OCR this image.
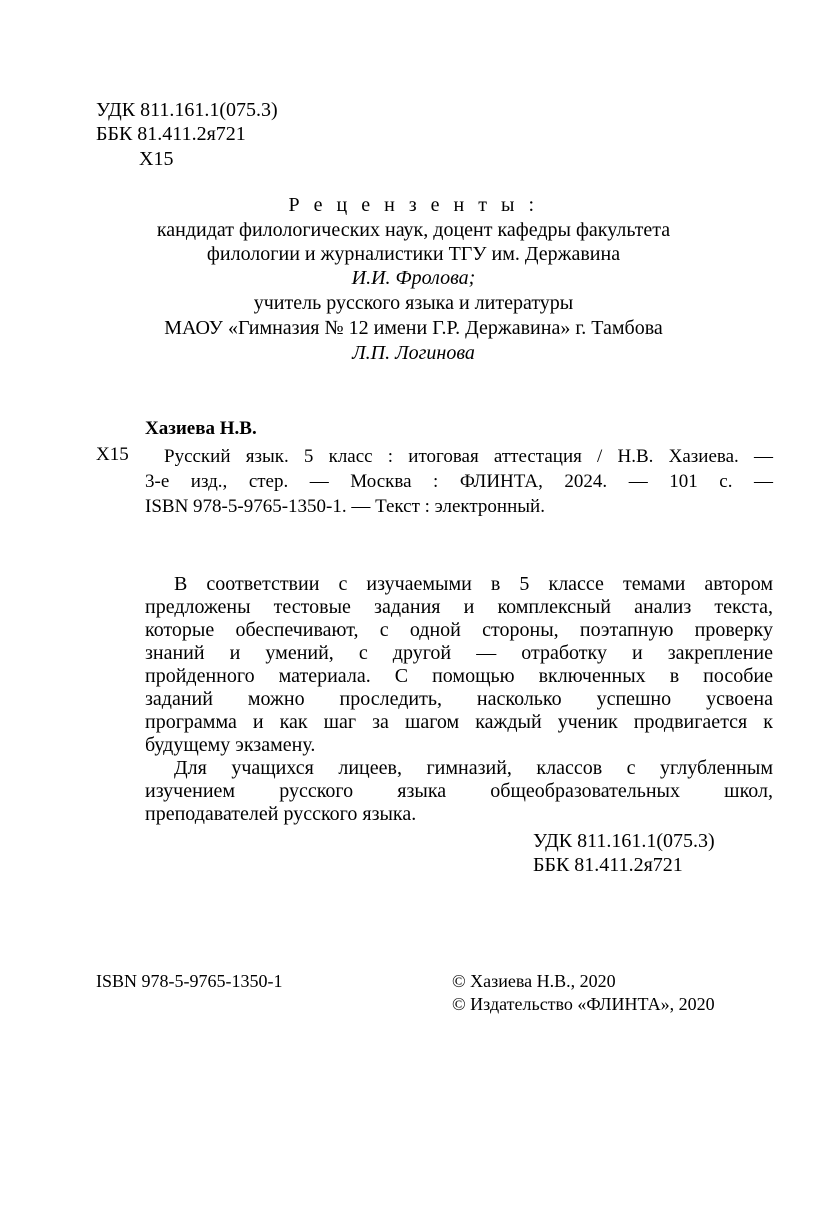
УДК 811.161.1(075.3)

ББК 81.411.2я721

Х15

Р е ц е н з е н т ы :

кандидат филологических наук, доцент кафедры факультета

филологии и журналистики ТГУ им. Державина

И.И. Фролова;

учитель русского языка и литературы

МАОУ «Гимназия № 12 имени Г.Р. Державина» г. Тамбова

Л.П. Логинова

Хазиева Н.В.

Х15 Русский язык. 5 класс : итоговая аттестация / Н.В. Хазиева. —

3-е изд., стер. — Москва : ФЛИНТА, 2024. — 101 с. —

ISBN 978-5-9765-1350-1. — Текст : электронный.

В соответствии с изучаемыми в 5 классе темами автором

предложены тестовые задания и комплексный анализ текста,

которые обеспечивают, с одной стороны, поэтапную проверку

знаний и умений, с другой — отработку и закрепление

пройденного материала. С помощью включенных в пособие

заданий можно проследить, насколько успешно усвоена

программа и как шаг за шагом каждый ученик продвигается к

будущему экзамену.

Для учащихся лицеев, гимназий, классов с углубленным

изучением русского языка общеобразовательных школ,

преподавателей русского языка.

УДК 811.161.1(075.3)

ББК 81.411.2я721

ISBN 978-5-9765-1350-1	© Хазиева Н.В., 2020

© Издательство «ФЛИНТА», 2020
